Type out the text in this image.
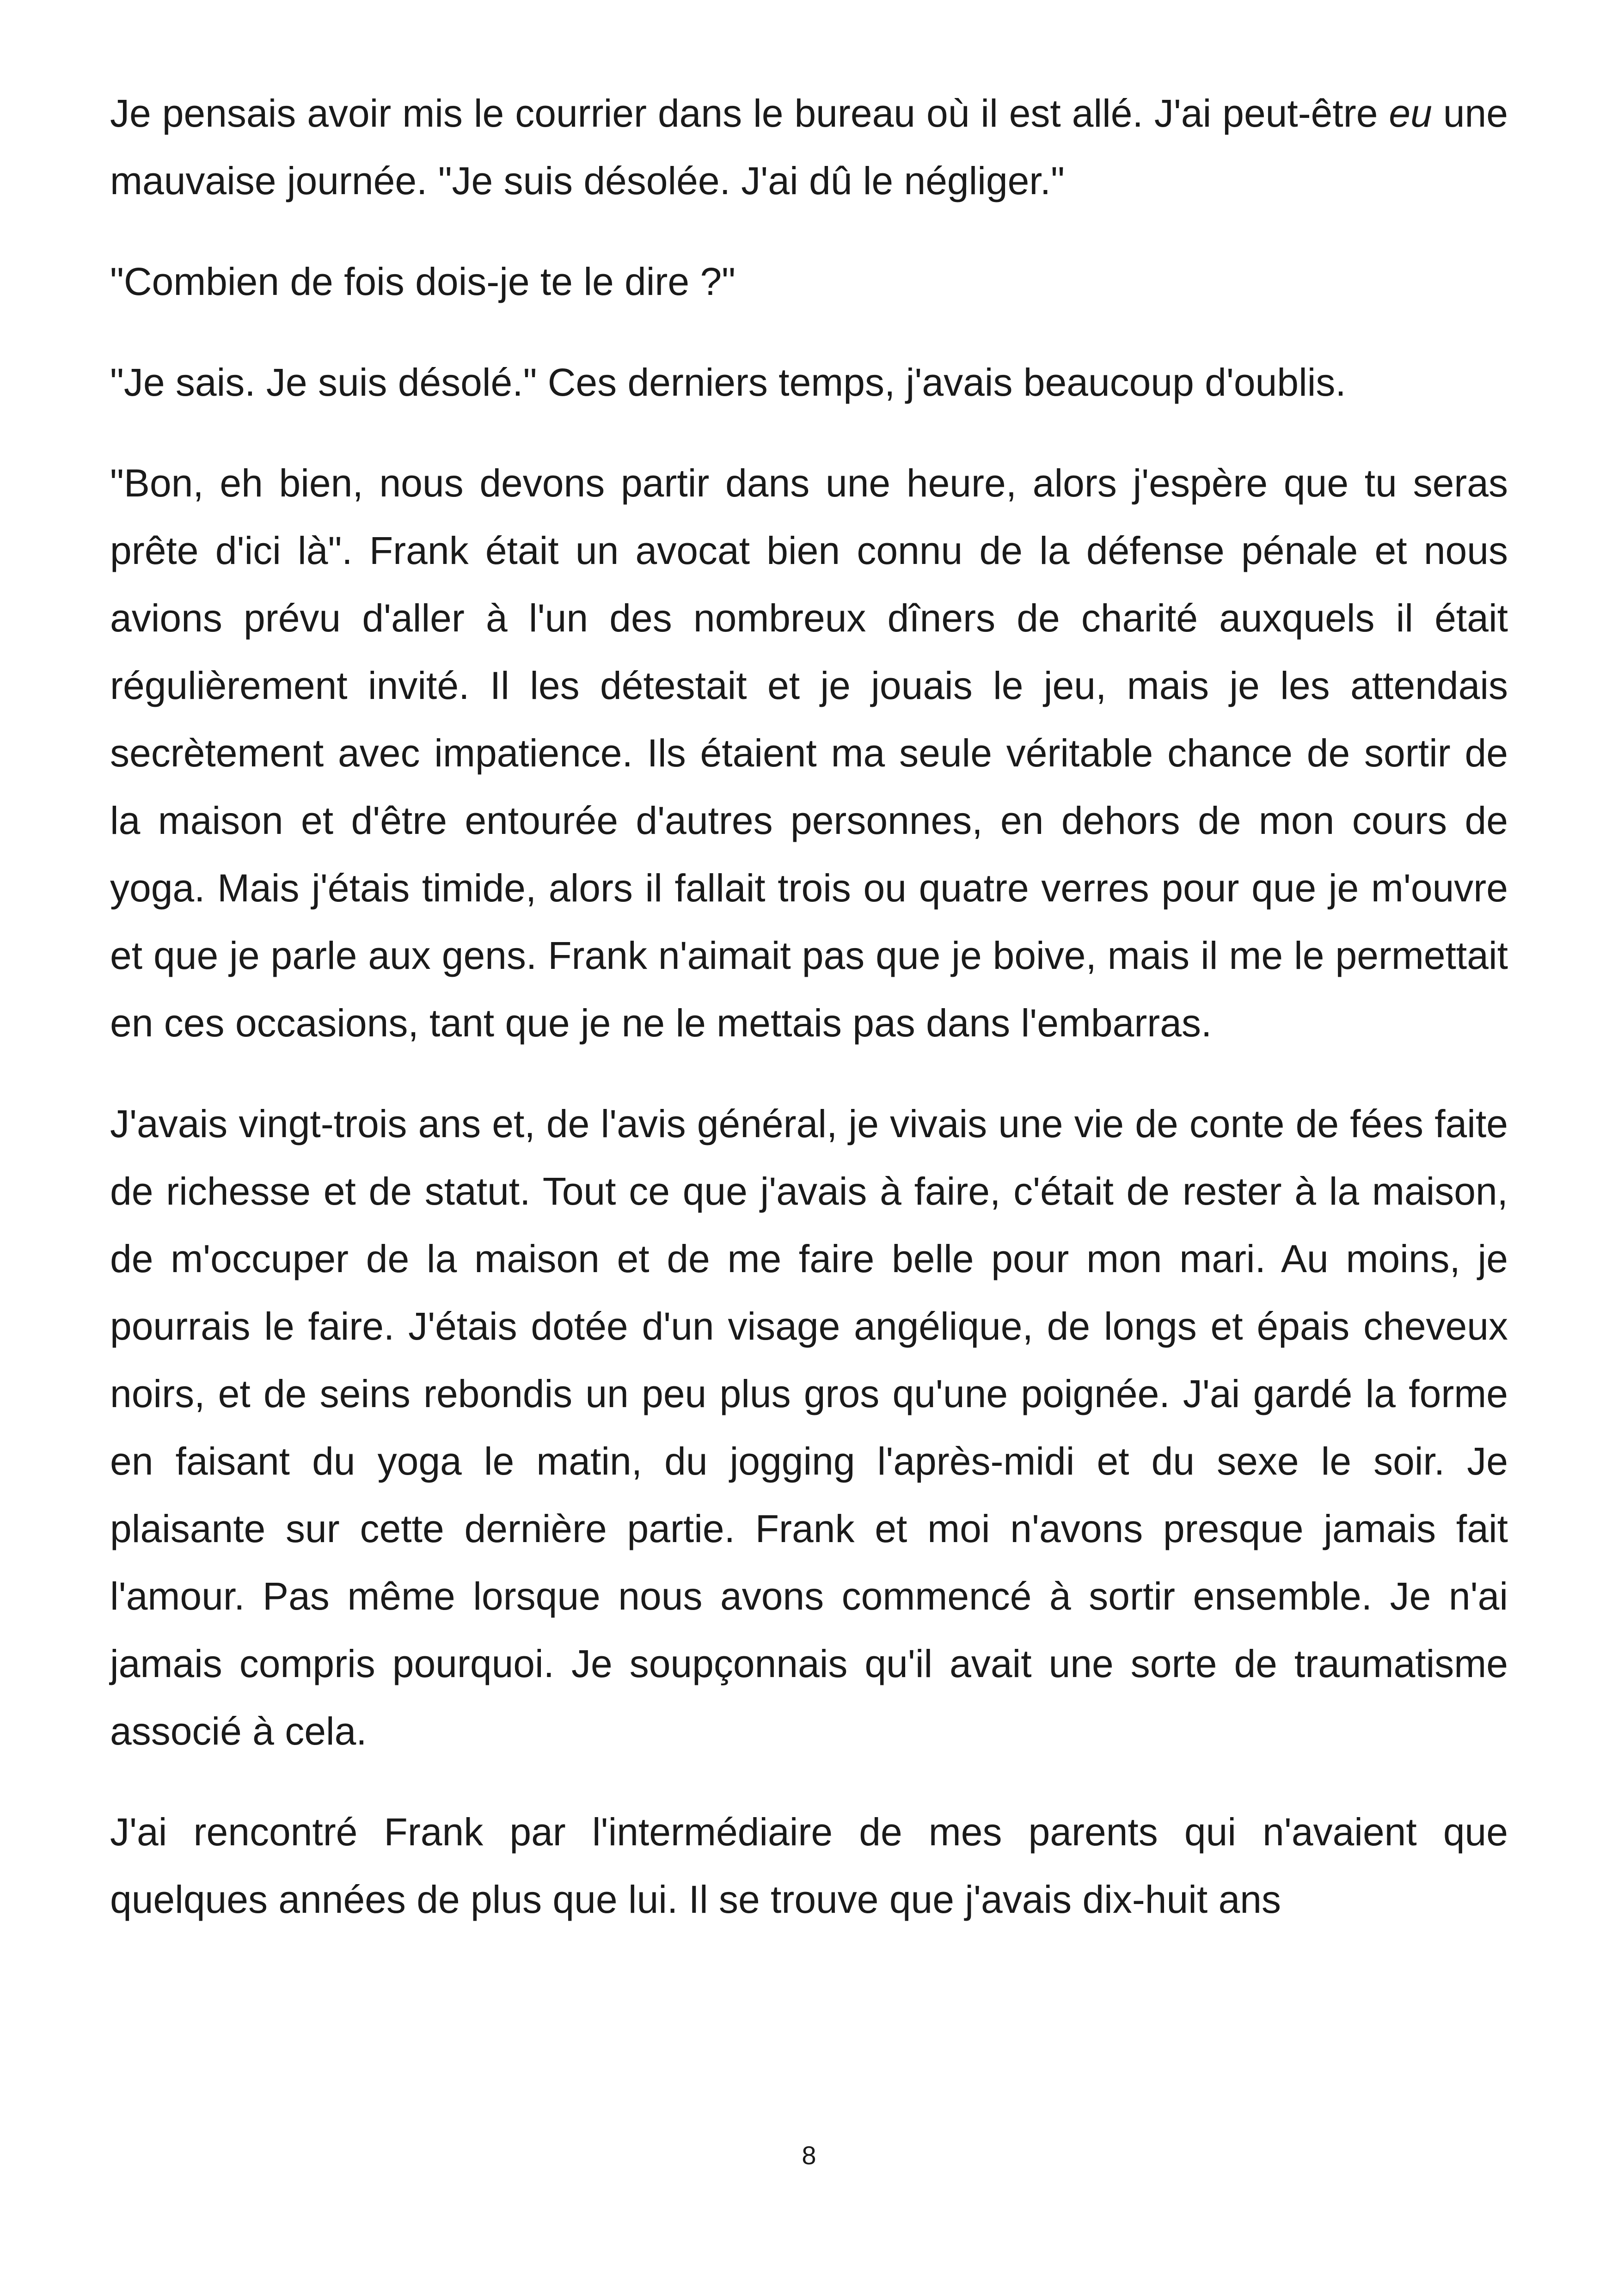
Je pensais avoir mis le courrier dans le bureau où il est allé. J'ai peut-être eu une mauvaise journée. "Je suis désolée. J'ai dû le négliger."

"Combien de fois dois-je te le dire ?"

"Je sais. Je suis désolé." Ces derniers temps, j'avais beaucoup d'oublis.

"Bon, eh bien, nous devons partir dans une heure, alors j'espère que tu seras prête d'ici là". Frank était un avocat bien connu de la défense pénale et nous avions prévu d'aller à l'un des nombreux dîners de charité auxquels il était régulièrement invité. Il les détestait et je jouais le jeu, mais je les attendais secrètement avec impatience. Ils étaient ma seule véritable chance de sortir de la maison et d'être entourée d'autres personnes, en dehors de mon cours de yoga. Mais j'étais timide, alors il fallait trois ou quatre verres pour que je m'ouvre et que je parle aux gens. Frank n'aimait pas que je boive, mais il me le permettait en ces occasions, tant que je ne le mettais pas dans l'embarras.

J'avais vingt-trois ans et, de l'avis général, je vivais une vie de conte de fées faite de richesse et de statut. Tout ce que j'avais à faire, c'était de rester à la maison, de m'occuper de la maison et de me faire belle pour mon mari. Au moins, je pourrais le faire. J'étais dotée d'un visage angélique, de longs et épais cheveux noirs, et de seins rebondis un peu plus gros qu'une poignée. J'ai gardé la forme en faisant du yoga le matin, du jogging l'après-midi et du sexe le soir. Je plaisante sur cette dernière partie. Frank et moi n'avons presque jamais fait l'amour. Pas même lorsque nous avons commencé à sortir ensemble. Je n'ai jamais compris pourquoi. Je soupçonnais qu'il avait une sorte de traumatisme associé à cela.

J'ai rencontré Frank par l'intermédiaire de mes parents qui n'avaient que quelques années de plus que lui. Il se trouve que j'avais dix-huit ans

8
